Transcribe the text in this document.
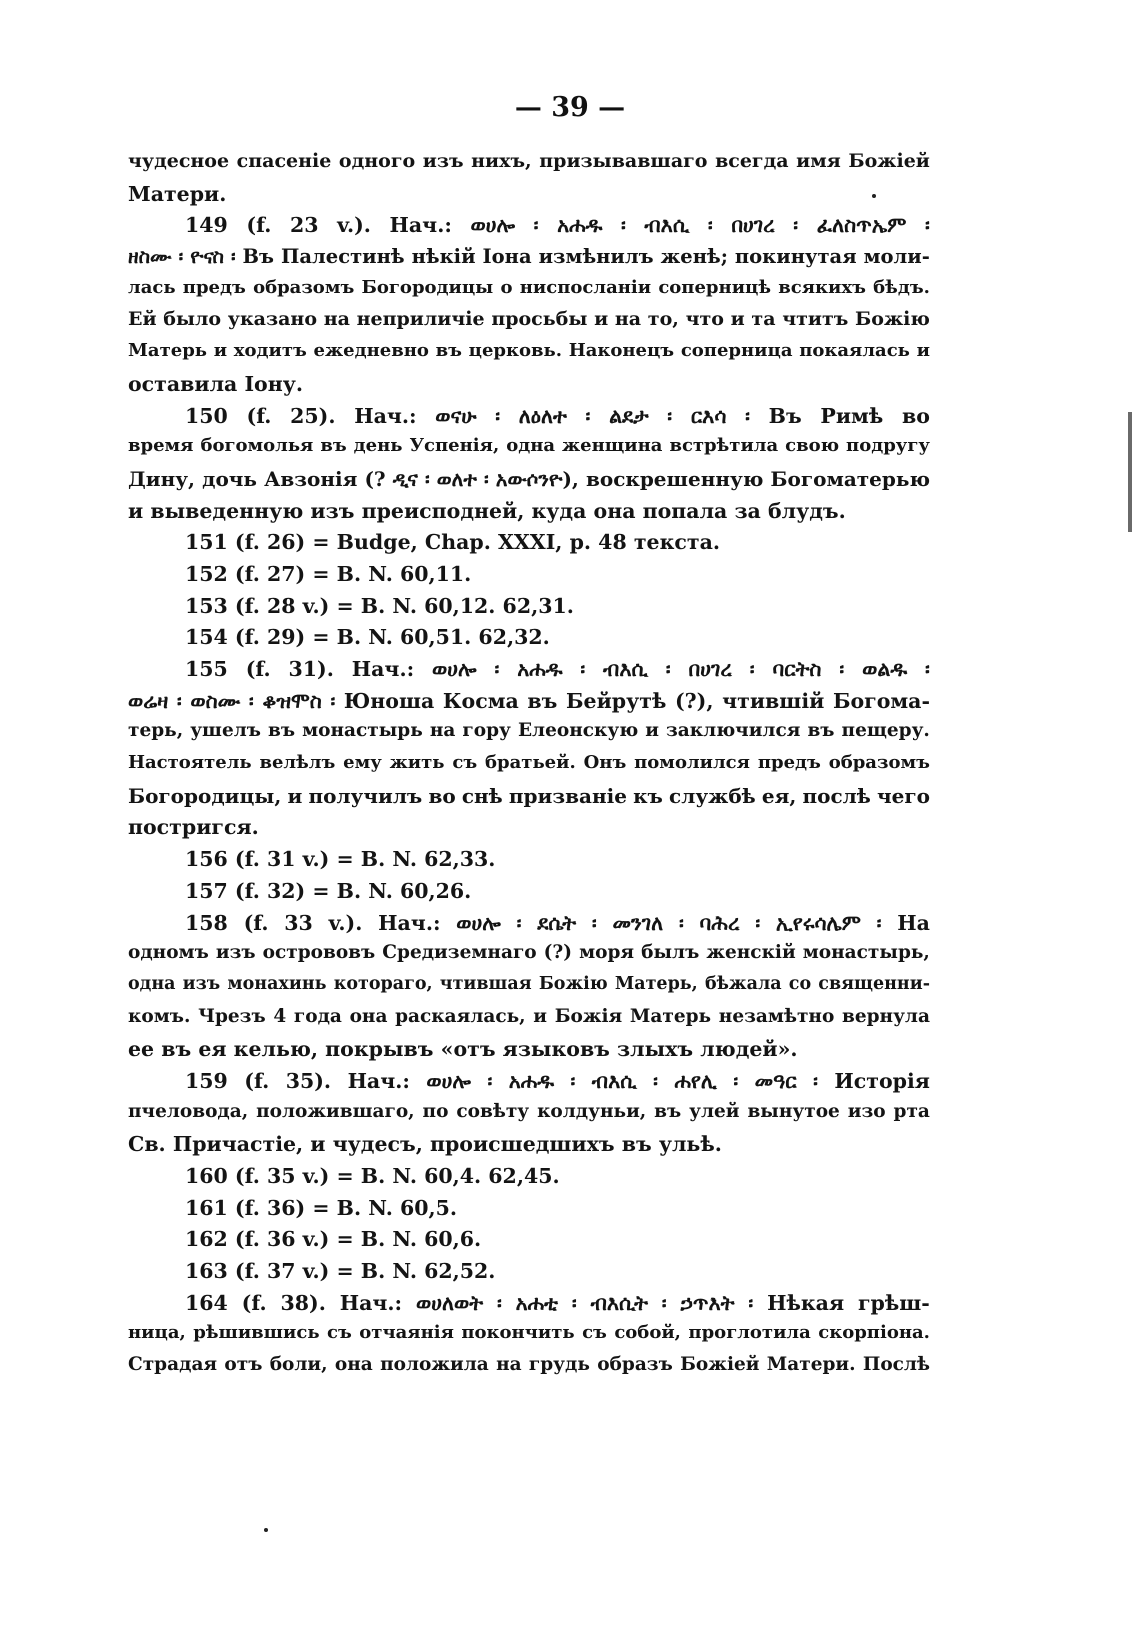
— 39 —
чудесное спасеніе одного изъ нихъ, призывавшаго всегда имя Божіей
Матери.
149 (f. 23 v.). Нач.: ወሀሎ ፡ አሐዱ ፡ ብእሲ ፡ በሀገረ ፡ ፈለስጥኤም ፡
ዘስሙ ፡ ዮናስ ፡ Въ Палестинѣ нѣкій Іона измѣнилъ женѣ; покинутая моли-
лась предъ образомъ Богородицы о ниспосланіи соперницѣ всякихъ бѣдъ.
Ей было указано на неприличіе просьбы и на то, что и та чтитъ Божію
Матерь и ходитъ ежедневно въ церковь. Наконецъ соперница покаялась и
оставила Іону.
150 (f. 25). Нач.: ወናሁ ፡ ለዕለተ ፡ ልደታ ፡ ርእሳ ፡ Въ Римѣ во
время богомолья въ день Успенія, одна женщина встрѣтила свою подругу
Дину, дочь Авзонія (? ዲና ፡ ወለተ ፡ አውሶንዮ), воскрешенную Богоматерью
и выведенную изъ преисподней, куда она попала за блудъ.
151 (f. 26) = Budge, Chap. XXXI, p. 48 текста.
152 (f. 27) = B. N. 60,11.
153 (f. 28 v.) = B. N. 60,12. 62,31.
154 (f. 29) = B. N. 60,51. 62,32.
155 (f. 31). Нач.: ወሀሎ ፡ አሐዱ ፡ ብእሲ ፡ በሀገረ ፡ ባርትስ ፡ ወልዱ ፡
ወሬዛ ፡ ወስሙ ፡ ቆዝሞስ ፡ Юноша Косма въ Бейрутѣ (?), чтившій Богома-
терь, ушелъ въ монастырь на гору Елеонскую и заключился въ пещеру.
Настоятель велѣлъ ему жить съ братьей. Онъ помолился предъ образомъ
Богородицы, и получилъ во снѣ призваніе къ службѣ ея, послѣ чего
постригся.
156 (f. 31 v.) = B. N. 62,33.
157 (f. 32) = B. N. 60,26.
158 (f. 33 v.). Нач.: ወሀሎ ፡ ደሴት ፡ መንገለ ፡ ባሕረ ፡ ኢየሩሳሌም ፡ На
одномъ изъ острововъ Средиземнаго (?) моря былъ женскій монастырь,
одна изъ монахинь котораго, чтившая Божію Матерь, бѣжала со священни-
комъ. Чрезъ 4 года она раскаялась, и Божія Матерь незамѣтно вернула
ее въ ея келью, покрывъ «отъ языковъ злыхъ людей».
159 (f. 35). Нач.: ወሀሎ ፡ አሐዱ ፡ ብእሲ ፡ ሐየሊ ፡ መዓር ፡ Исторія
пчеловода, положившаго, по совѣту колдуньи, въ улей вынутое изо рта
Св. Причастіе, и чудесъ, происшедшихъ въ ульѣ.
160 (f. 35 v.) = B. N. 60,4. 62,45.
161 (f. 36) = B. N. 60,5.
162 (f. 36 v.) = B. N. 60,6.
163 (f. 37 v.) = B. N. 62,52.
164 (f. 38). Нач.: ወሀለወት ፡ አሐቲ ፡ ብእሲት ፡ ኃጥእት ፡ Нѣкая грѣш-
ница, рѣшившись съ отчаянія покончить съ собой, проглотила скорпіона.
Страдая отъ боли, она положила на грудь образъ Божіей Матери. Послѣ
